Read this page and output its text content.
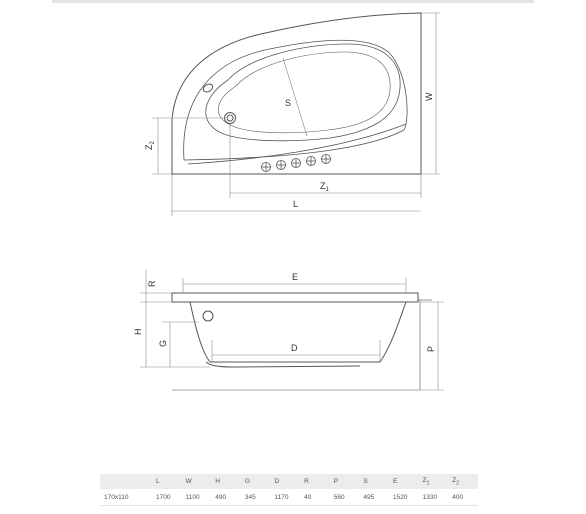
S
$Z_2$
$Z_1$
L
W
E
R
H
G	D	P
	L	W	H	G	D	R	P	S	E	$Z_1$	$Z_2$
170x110	1700	1100	490	345	1170	40	560	495	1520	1330	400
